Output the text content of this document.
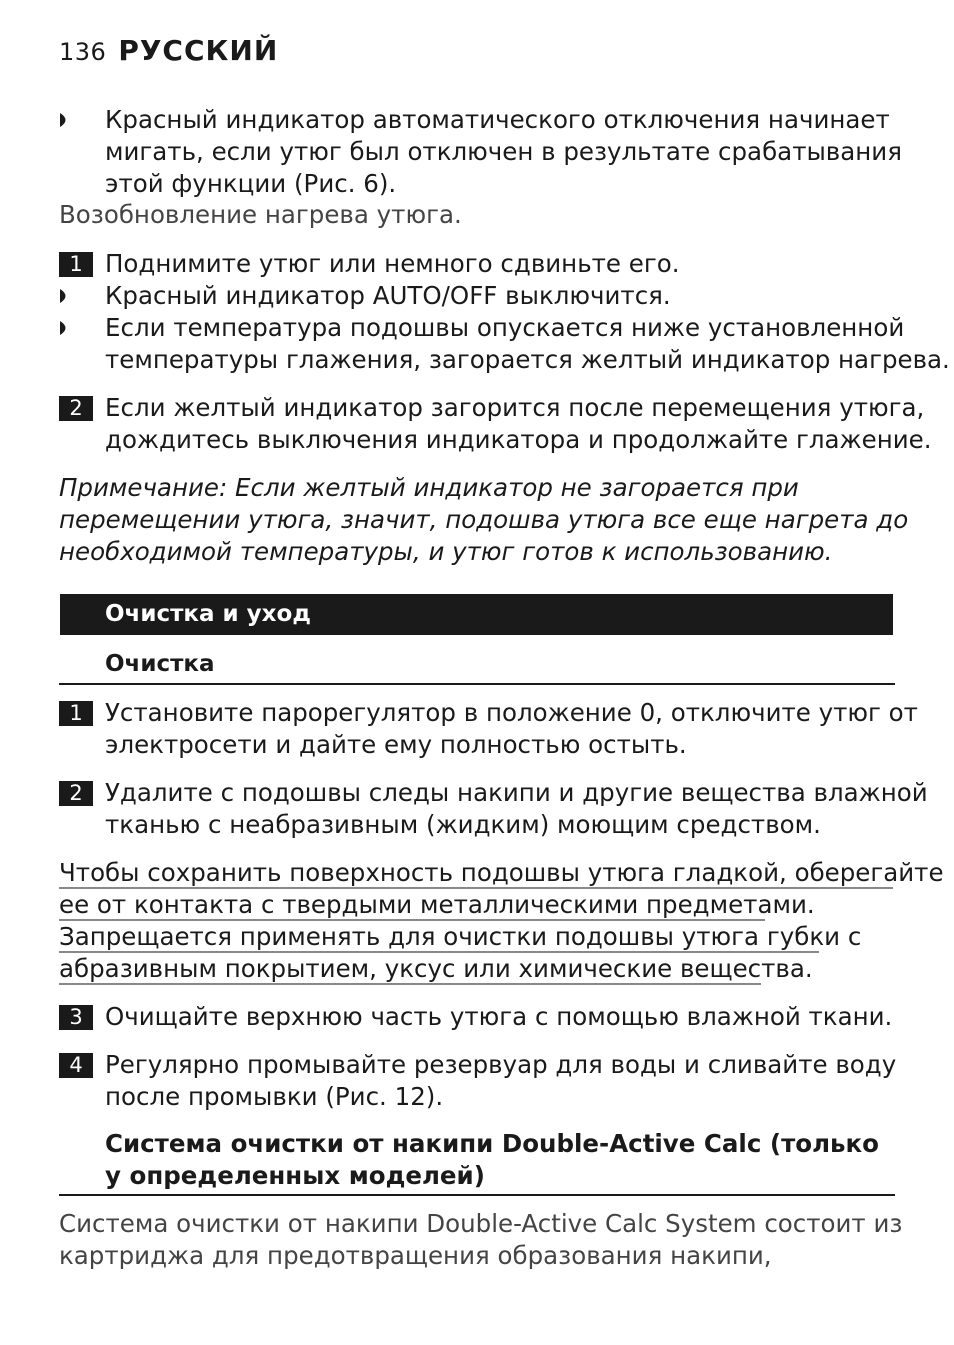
136 РУССКИЙ
Красный индикатор автоматического отключения начинает
мигать, если утюг был отключен в результате срабатывания
этой функции (Рис. 6).
Возобновление нагрева утюга.
1 Поднимите утюг или немного сдвиньте его.
Красный индикатор AUTO/OFF выключится.
Если температура подошвы опускается ниже установленной
температуры глажения, загорается желтый индикатор нагрева.
2 Если желтый индикатор загорится после перемещения утюга,
дождитесь выключения индикатора и продолжайте глажение.
Примечание: Если желтый индикатор не загорается при
перемещении утюга, значит, подошва утюга все еще нагрета до
необходимой температуры, и утюг готов к использованию.
Очистка и уход
Очистка
1 Установите парорегулятор в положение 0, отключите утюг от
электросети и дайте ему полностью остыть.
2 Удалите с подошвы следы накипи и другие вещества влажной
тканью с неабразивным (жидким) моющим средством.
Чтобы сохранить поверхность подошвы утюга гладкой, оберегайте
ее от контакта с твердыми металлическими предметами.
Запрещается применять для очистки подошвы утюга губки с
абразивным покрытием, уксус или химические вещества.
3 Очищайте верхнюю часть утюга с помощью влажной ткани.
4 Регулярно промывайте резервуар для воды и сливайте воду
после промывки (Рис. 12).
Система очистки от накипи Double-Active Calc (только
у определенных моделей)
Система очистки от накипи Double-Active Calc System состоит из
картриджа для предотвращения образования накипи,
